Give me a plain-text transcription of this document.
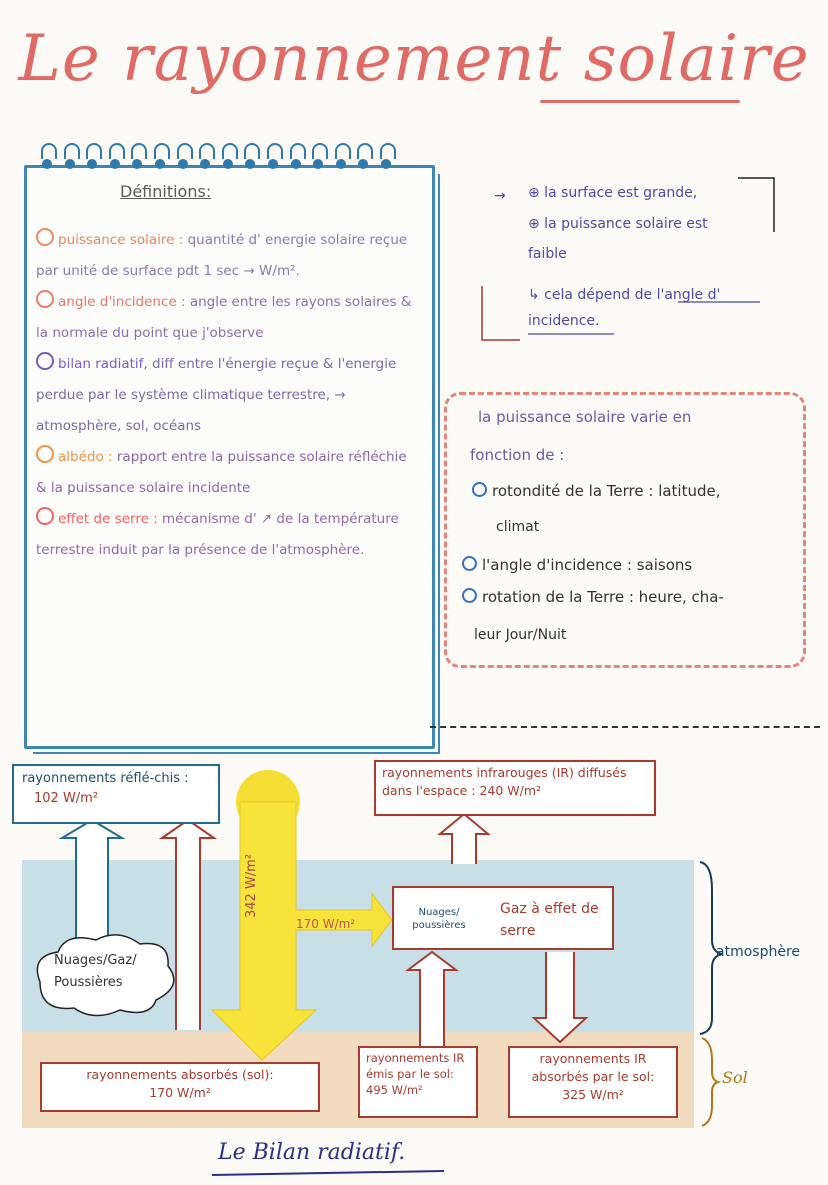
Le rayonnement solaire
Définitions:

puissance solaire : quantité d' energie solaire reçue par unité de surface pdt 1 sec → W/m².

angle d'incidence : angle entre les rayons solaires & la normale du point que j'observe

bilan radiatif, diff entre l'énergie reçue & l'energie perdue par le système climatique terrestre, → atmosphère, sol, océans

albédo : rapport entre la puissance solaire réfléchie & la puissance solaire incidente

effet de serre : mécanisme d' ↗ de la température terrestre induit par la présence de l'atmosphère.

→ ⊕ la surface est grande,
⊕ la puissance solaire est
faible
↳ cela dépend de l'angle d'
incidence.
la puissance solaire varie en
fonction de :
rotondité de la Terre : latitude,
climat
l'angle d'incidence : saisons
rotation de la Terre : heure, cha-
leur Jour/Nuit
rayonnements réflé-chis : 102 W/m²
rayonnements infrarouges (IR) diffusés dans l'espace : 240 W/m²
Gaz à effet de serre
rayonnements absorbés (sol):
170 W/m²
rayonnements IR émis par le sol: 495 W/m²
rayonnements IR absorbés par le sol:
325 W/m²
Nuages/Gaz/ Poussières
Nuages/ poussières
342 W/m²
170 W/m²
atmosphère
Sol
Le Bilan radiatif.
